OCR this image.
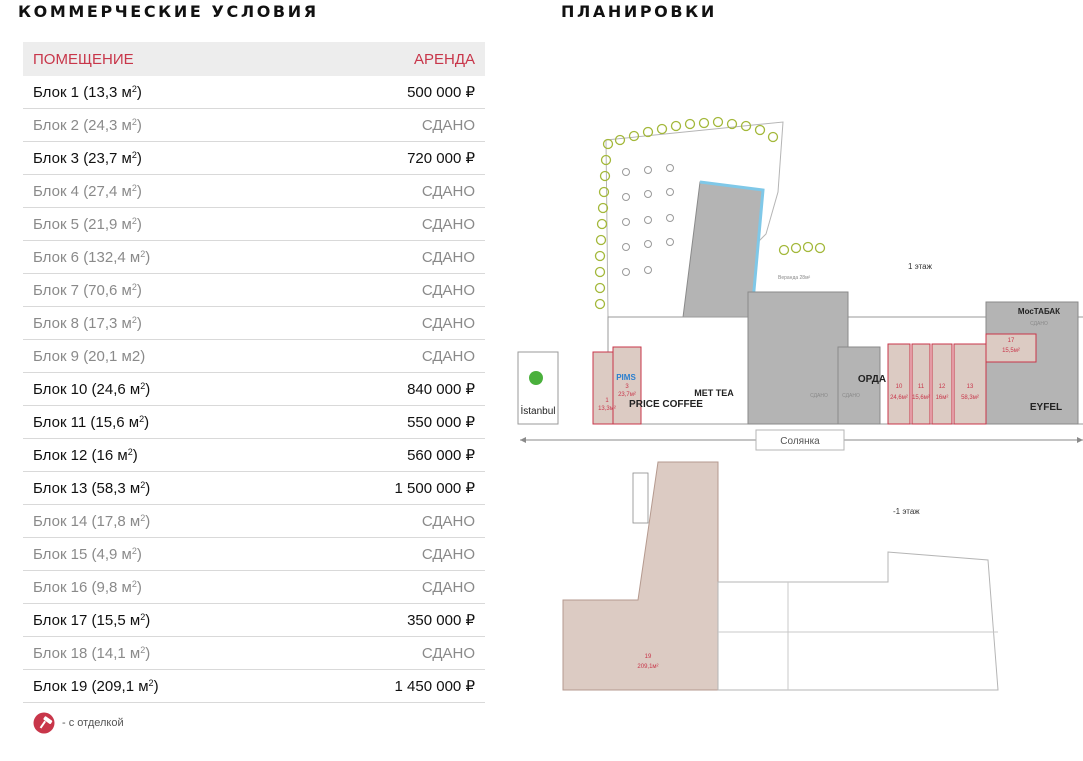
КОММЕРЧЕСКИЕ УСЛОВИЯ
ПОМЕЩЕНИЕ	АРЕНДА
Блок 1 (13,3 $м^2$)	500 000 ₽
Блок 2 (24,3 $м^2$)	СДАНО
Блок 3 (23,7 $м^2$)	720 000 ₽
Блок 4 (27,4 $м^2$)	СДАНО
Блок 5 (21,9 $м^2$)	СДАНО
Блок 6 (132,4 $м^2$)	СДАНО
Блок 7 (70,6 $м^2$)	СДАНО
Блок 8 (17,3 $м^2$)	СДАНО
Блок 9 (20,1 м2)	СДАНО
Блок 10 (24,6 $м^2$)	840 000 ₽
Блок 11 (15,6 $м^2$)	550 000 ₽
Блок 12 (16 $м^2$)	560 000 ₽
Блок 13 (58,3 $м^2$)	1 500 000 ₽
Блок 14 (17,8 $м^2$)	СДАНО
Блок 15 (4,9 $м^2$)	СДАНО
Блок 16 (9,8 $м^2$)	СДАНО
Блок 17 (15,5 $м^2$)	350 000 ₽
Блок 18 (14,1 $м^2$)	СДАНО
Блок 19 (209,1 $м^2$)	1 450 000 ₽
- с отделкой
ПЛАНИРОВКИ
İstanbul
PIMS
PRICE COFFEE
MET TEA
ОРДА
МосТАБАК
EYFEL
1
13,3м²
3
23,7м²
10
24,6м²
11
15,6м²
12
16м²
13
58,3м²
17
15,5м²
СДАНО	СДАНО
СДАНО
Веранда 28м²
1 этаж
Солянка
19
209,1м²
-1 этаж
